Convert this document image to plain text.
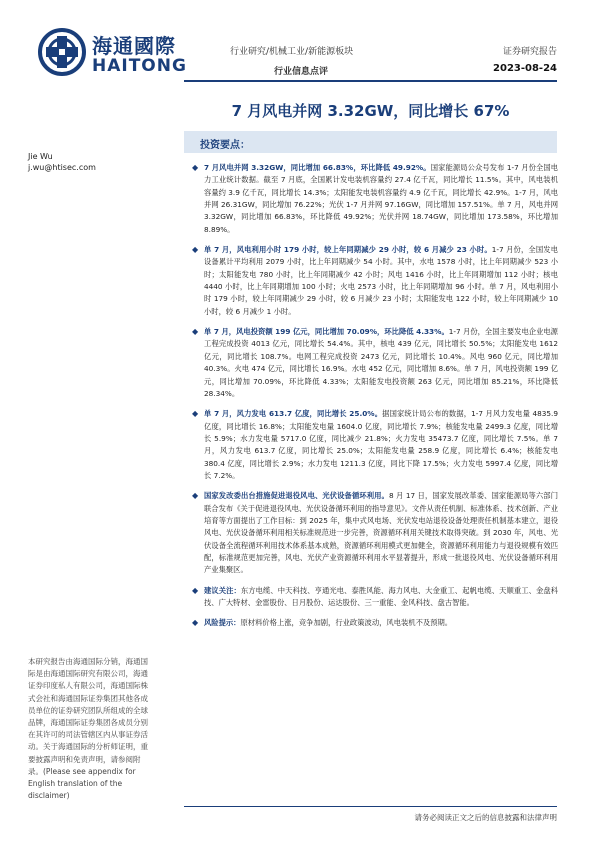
海通國際
HAITONG
行业研究/机械工业/新能源板块
行业信息点评
证券研究报告
2023-08-24
7 月风电并网 3.32GW，同比增长 67%
Jie Wu
j.wu@htisec.com
投资要点：
◆ 7 月风电并网 3.32GW，同比增加 66.83%，环比降低 49.92%。国家能源局公众号发布 1-7 月份全国电力工业统计数据。截至 7 月底，全国累计发电装机容量约 27.4 亿千瓦，同比增长 11.5%。其中，风电装机容量约 3.9 亿千瓦，同比增长 14.3%；太阳能发电装机容量约 4.9 亿千瓦，同比增长 42.9%。1-7 月，风电并网 26.31GW，同比增加 76.22%；光伏 1-7 月并网 97.16GW，同比增加 157.51%。单 7 月，风电并网 3.32GW，同比增加 66.83%，环比降低 49.92%；光伏并网 18.74GW，同比增加 173.58%，环比增加 8.89%。
◆ 单 7 月，风电利用小时 179 小时，较上年同期减少 29 小时，较 6 月减少 23 小时。1-7 月份，全国发电设备累计平均利用 2079 小时，比上年同期减少 54 小时。其中，水电 1578 小时，比上年同期减少 523 小时；太阳能发电 780 小时，比上年同期减少 42 小时；风电 1416 小时，比上年同期增加 112 小时；核电 4440 小时，比上年同期增加 100 小时；火电 2573 小时，比上年同期增加 96 小时。单 7 月，风电利用小时 179 小时，较上年同期减少 29 小时，较 6 月减少 23 小时；太阳能发电 122 小时，较上年同期减少 10 小时，较 6 月减少 1 小时。
◆ 单 7 月，风电投资额 199 亿元，同比增加 70.09%，环比降低 4.33%。1-7 月份，全国主要发电企业电源工程完成投资 4013 亿元，同比增长 54.4%。其中，核电 439 亿元，同比增长 50.5%；太阳能发电 1612 亿元，同比增长 108.7%。电网工程完成投资 2473 亿元，同比增长 10.4%。风电 960 亿元，同比增加 40.3%。火电 474 亿元，同比增长 16.9%。水电 452 亿元，同比增加 8.6%。单 7 月，风电投资额 199 亿元，同比增加 70.09%，环比降低 4.33%；太阳能发电投资额 263 亿元，同比增加 85.21%，环比降低 28.34%。
◆ 单 7 月，风力发电 613.7 亿度，同比增长 25.0%。据国家统计局公布的数据，1-7 月风力发电量 4835.9 亿度，同比增长 16.8%；太阳能发电量 1604.0 亿度，同比增长 7.9%；核能发电量 2499.3 亿度，同比增长 5.9%；水力发电量 5717.0 亿度，同比减少 21.8%；火力发电 35473.7 亿度，同比增长 7.5%。单 7 月，风力发电 613.7 亿度，同比增长 25.0%；太阳能发电量 258.9 亿度，同比增长 6.4%；核能发电 380.4 亿度，同比增长 2.9%；水力发电 1211.3 亿度，同比下降 17.5%；火力发电 5997.4 亿度，同比增长 7.2%。
◆ 国家发改委出台措施促进退役风电、光伏设备循环利用。8 月 17 日，国家发展改革委、国家能源局等六部门联合发布《关于促进退役风电、光伏设备循环利用的指导意见》。文件从责任机制、标准体系、技术创新、产业培育等方面提出了工作目标：到 2025 年，集中式风电场、光伏发电站退役设备处理责任机制基本建立，退役风电、光伏设备循环利用相关标准规范进一步完善，资源循环利用关键技术取得突破。到 2030 年，风电、光伏设备全流程循环利用技术体系基本成熟，资源循环利用模式更加健全，资源循环利用能力与退役规模有效匹配，标准规范更加完善，风电、光伏产业资源循环利用水平显著提升，形成一批退役风电、光伏设备循环利用产业集聚区。
◆ 建议关注：东方电缆、中天科技、亨通光电、泰胜风能、海力风电、大金重工、起帆电缆、天顺重工、金盘科技、广大特材、金雷股份、日月股份、运达股份、三一重能、金风科技、盘古智能。
◆ 风险提示：原材料价格上涨，竞争加剧，行业政策波动，风电装机不及预期。
本研究报告由海通国际分销，海通国际是由海通国际研究有限公司，海通证券印度私人有限公司，海通国际株式会社和海通国际证券集团其他各成员单位的证券研究团队所组成的全球品牌，海通国际证券集团各成员分别在其许可的司法管辖区内从事证券活动。关于海通国际的分析师证明，重要披露声明和免责声明，请参阅附录。(Please see appendix for English translation of the disclaimer)
请务必阅读正文之后的信息披露和法律声明
